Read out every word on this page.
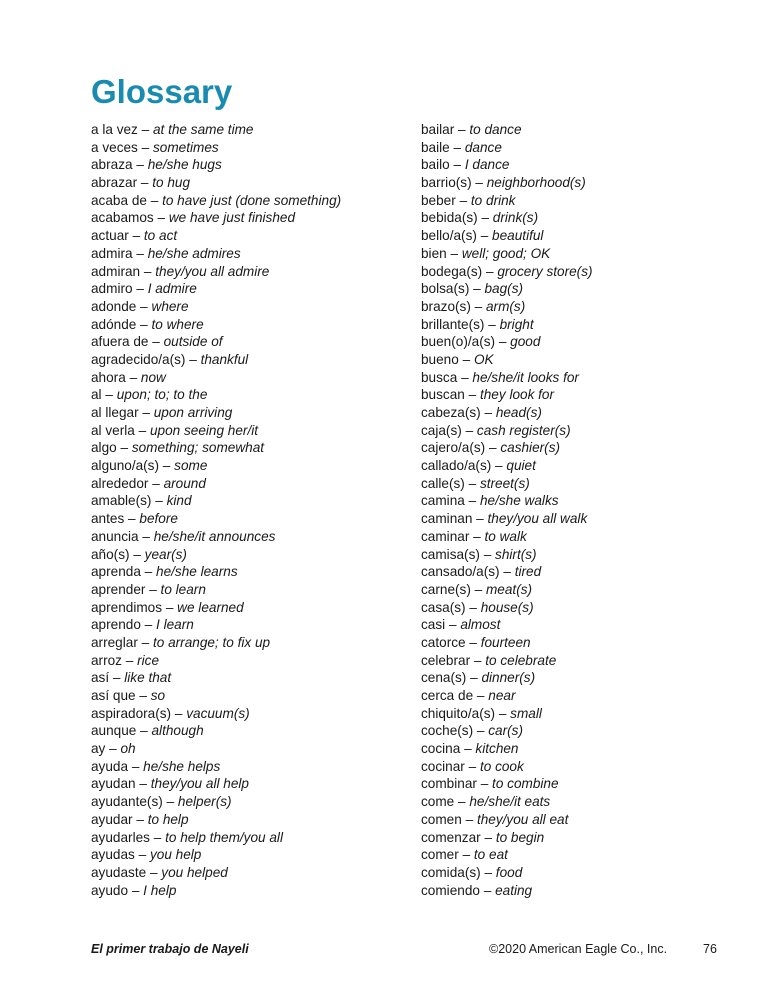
Glossary
a la vez – at the same time
a veces – sometimes
abraza – he/she hugs
abrazar – to hug
acaba de – to have just (done something)
acabamos – we have just finished
actuar – to act
admira – he/she admires
admiran – they/you all admire
admiro – I admire
adonde – where
adónde – to where
afuera de – outside of
agradecido/a(s) – thankful
ahora – now
al – upon; to; to the
al llegar – upon arriving
al verla – upon seeing her/it
algo – something; somewhat
alguno/a(s) – some
alrededor – around
amable(s) – kind
antes – before
anuncia – he/she/it announces
año(s) – year(s)
aprenda – he/she learns
aprender – to learn
aprendimos – we learned
aprendo – I learn
arreglar – to arrange; to fix up
arroz – rice
así – like that
así que – so
aspiradora(s) – vacuum(s)
aunque – although
ay – oh
ayuda – he/she helps
ayudan – they/you all help
ayudante(s) – helper(s)
ayudar – to help
ayudarles – to help them/you all
ayudas – you help
ayudaste – you helped
ayudo – I help
bailar – to dance
baile – dance
bailo – I dance
barrio(s) – neighborhood(s)
beber – to drink
bebida(s) – drink(s)
bello/a(s) – beautiful
bien – well; good; OK
bodega(s) – grocery store(s)
bolsa(s) – bag(s)
brazo(s) – arm(s)
brillante(s) – bright
buen(o)/a(s) – good
bueno – OK
busca – he/she/it looks for
buscan – they look for
cabeza(s) – head(s)
caja(s) – cash register(s)
cajero/a(s) – cashier(s)
callado/a(s) – quiet
calle(s) – street(s)
camina – he/she walks
caminan – they/you all walk
caminar – to walk
camisa(s) – shirt(s)
cansado/a(s) – tired
carne(s) – meat(s)
casa(s) – house(s)
casi – almost
catorce – fourteen
celebrar – to celebrate
cena(s) – dinner(s)
cerca de – near
chiquito/a(s) – small
coche(s) – car(s)
cocina – kitchen
cocinar – to cook
combinar – to combine
come – he/she/it eats
comen – they/you all eat
comenzar – to begin
comer – to eat
comida(s) – food
comiendo – eating
El primer trabajo de Nayeli	©2020 American Eagle Co., Inc.	76
